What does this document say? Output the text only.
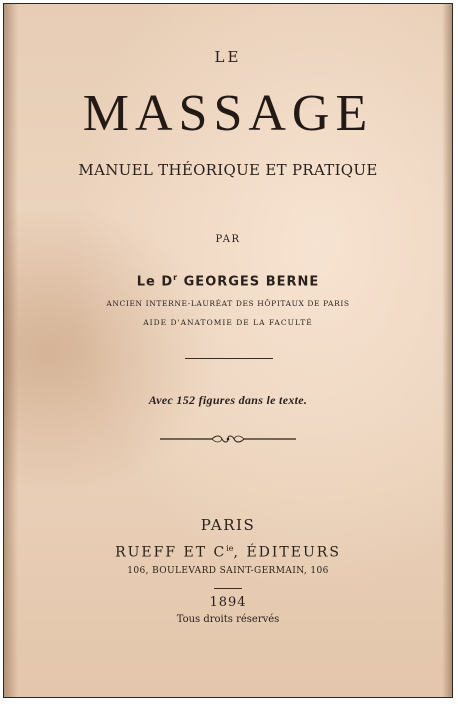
LE
MASSAGE
MANUEL THÉORIQUE ET PRATIQUE
PAR
Le $D^r$ GEORGES BERNE
ANCIEN INTERNE-LAURÉAT DES HÔPITAUX DE PARIS
AIDE D'ANATOMIE DE LA FACULTÉ
Avec 152 figures dans le texte.
PARIS
RUEFF ET $C^{ie}$, ÉDITEURS
106, BOULEVARD SAINT-GERMAIN, 106
1894
Tous droits réservés
